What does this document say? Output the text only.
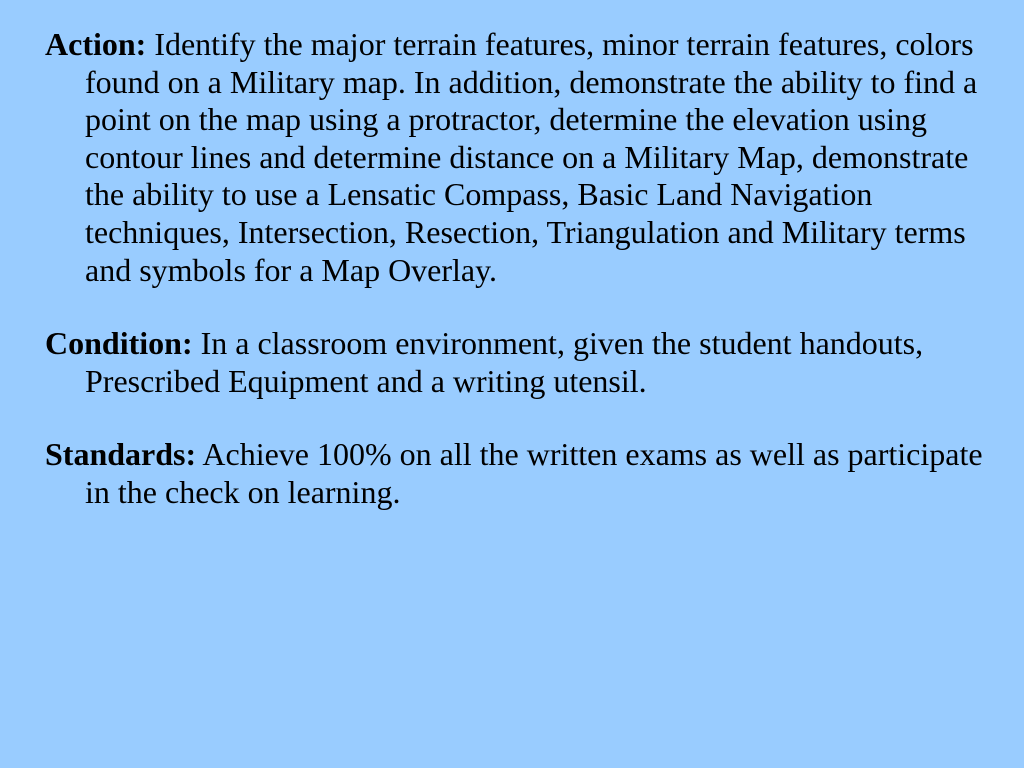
Action: Identify the major terrain features, minor terrain features, colors found on a Military map. In addition, demonstrate the ability to find a point on the map using a protractor, determine the elevation using contour lines and determine distance on a Military Map, demonstrate the ability to use a Lensatic Compass, Basic Land Navigation techniques, Intersection, Resection, Triangulation and Military terms and symbols for a Map Overlay.

Condition: In a classroom environment, given the student handouts, Prescribed Equipment and a writing utensil.

Standards: Achieve 100% on all the written exams as well as participate in the check on learning.
